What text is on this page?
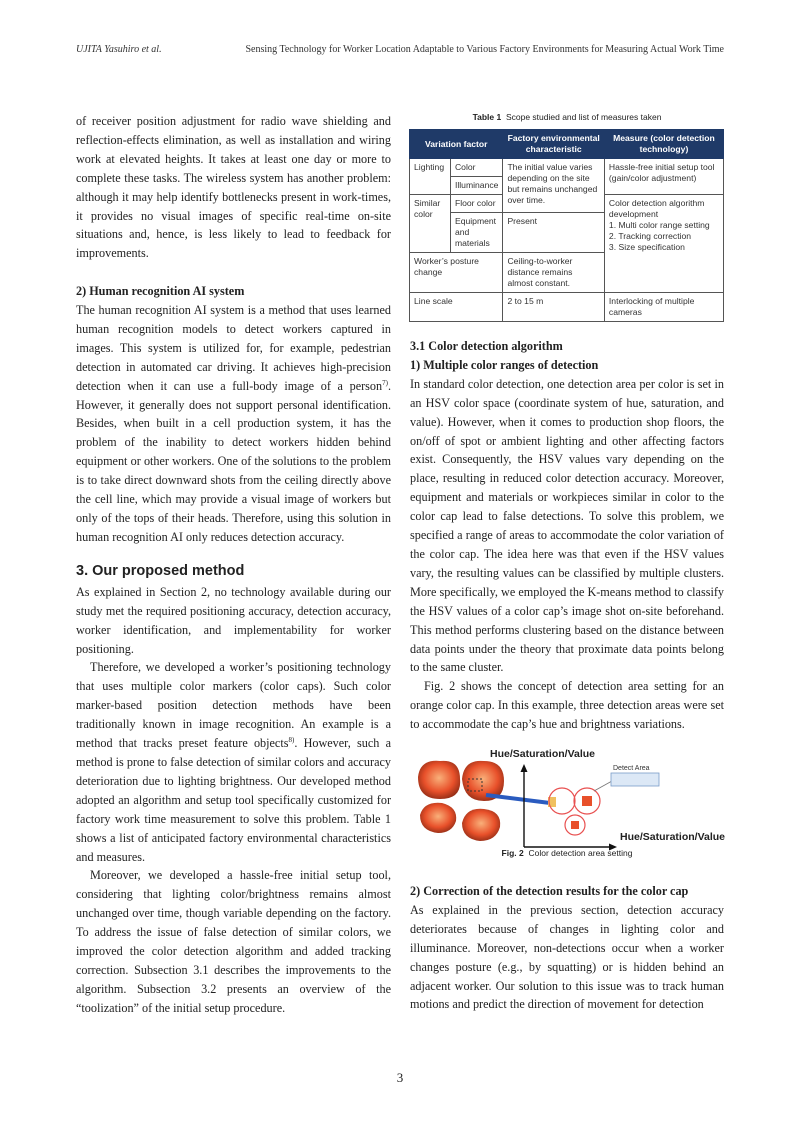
UJITA Yasuhiro et al.	Sensing Technology for Worker Location Adaptable to Various Factory Environments for Measuring Actual Work Time

of receiver position adjustment for radio wave shielding and reflection-effects elimination, as well as installation and wiring work at elevated heights. It takes at least one day or more to complete these tasks. The wireless system has another problem: although it may help identify bottlenecks present in work-times, it provides no visual images of specific real-time on-site situations and, hence, is less likely to lead to feedback for improvements.

2) Human recognition AI system

The human recognition AI system is a method that uses learned human recognition models to detect workers captured in images. This system is utilized for, for example, pedestrian detection in automated car driving. It achieves high-precision detection when it can use a full-body image of a person$^{7)}$. However, it generally does not support personal identification. Besides, when built in a cell production system, it has the problem of the inability to detect workers hidden behind equipment or other workers. One of the solutions to the problem is to take direct downward shots from the ceiling directly above the cell line, which may provide a visual image of workers but only of the tops of their heads. Therefore, using this solution in human recognition AI only reduces detection accuracy.

3. Our proposed method

As explained in Section 2, no technology available during our study met the required positioning accuracy, detection accuracy, worker identification, and implementability for worker positioning.

Therefore, we developed a worker’s positioning technology that uses multiple color markers (color caps). Such color marker-based position detection methods have been traditionally known in image recognition. An example is a method that tracks preset feature objects$^{8)}$. However, such a method is prone to false detection of similar colors and accuracy deterioration due to lighting brightness. Our developed method adopted an algorithm and setup tool specifically customized for factory work time measurement to solve this problem. Table 1 shows a list of anticipated factory environmental characteristics and measures.

Moreover, we developed a hassle-free initial setup tool, considering that lighting color/brightness remains almost unchanged over time, though variable depending on the factory. To address the issue of false detection of similar colors, we improved the color detection algorithm and added tracking correction. Subsection 3.1 describes the improvements to the algorithm. Subsection 3.2 presents an overview of the “toolization” of the initial setup procedure.

Table 1 Scope studied and list of measures taken
Variation factor		Factory environmental characteristic	Measure (color detection technology)
Lighting	Color	The initial value varies depending on the site but remains unchanged over time.	Hassle-free initial setup tool (gain/color adjustment)
	Illuminance		
Similar color	Floor color		Color detection algorithm development
1. Multi color range setting
2. Tracking correction
3. Size specification

	Equipment and materials	Present	
Worker’s posture change		Ceiling-to-worker distance remains almost constant.	
Line scale		2 to 15 m	Interlocking of multiple cameras

3.1 Color detection algorithm

1) Multiple color ranges of detection

In standard color detection, one detection area per color is set in an HSV color space (coordinate system of hue, saturation, and value). However, when it comes to production shop floors, the on/off of spot or ambient lighting and other affecting factors exist. Consequently, the HSV values vary depending on the place, resulting in reduced color detection accuracy. Moreover, equipment and materials or workpieces similar in color to the color cap lead to false detections. To solve this problem, we specified a range of areas to accommodate the color variation of the color cap. The idea here was that even if the HSV values vary, the resulting values can be classified by multiple clusters. More specifically, we employed the K-means method to classify the HSV values of a color cap’s image shot on-site beforehand. This method performs clustering based on the distance between data points under the theory that proximate data points belong to the same cluster.

Fig. 2 shows the concept of detection area setting for an orange color cap. In this example, three detection areas were set to accommodate the cap’s hue and brightness variations.

Hue/Saturation/Value
Hue/Saturation/Value
Detect Area
Fig. 2 Color detection area setting

2) Correction of the detection results for the color cap

As explained in the previous section, detection accuracy deteriorates because of changes in lighting color and illuminance. Moreover, non-detections occur when a worker changes posture (e.g., by squatting) or is hidden behind an adjacent worker. Our solution to this issue was to track human motions and predict the direction of movement for detection

3
